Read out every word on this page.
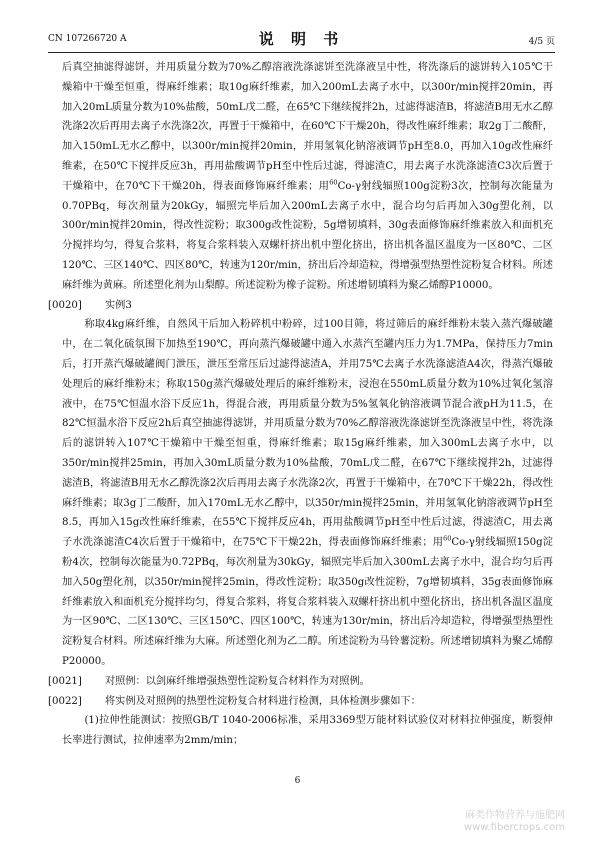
CN 107266720 A	说 明 书	4/5 页

后真空抽滤得滤饼，并用质量分数为70%乙醇溶液洗涤滤饼至洗涤液呈中性，将洗涤后的滤饼转入105℃干燥箱中干燥至恒重，得麻纤维素；取10g麻纤维素，加入200mL去离子水中，以300r/min搅拌20min，再加入20mL质量分数为10%盐酸，50mL戊二醛，在65℃下继续搅拌2h，过滤得滤渣B，将滤渣B用无水乙醇洗涤2次后再用去离子水洗涤2次，再置于干燥箱中，在60℃下干燥20h，得改性麻纤维素；取2g丁二酸酐，加入150mL无水乙醇中，以300r/min搅拌20min，并用氢氧化钠溶液调节pH至8.0，再加入10g改性麻纤维素，在50℃下搅拌反应3h，再用盐酸调节pH至中性后过滤，得滤渣C，用去离子水洗涤滤渣C3次后置于干燥箱中，在70℃下干燥20h，得表面修饰麻纤维素；用$^{60}$Co-γ射线辐照100g淀粉3次，控制每次能量为0.70PBq，每次剂量为20kGy，辐照完毕后加入200mL去离子水中，混合均匀后再加入30g塑化剂，以300r/min搅拌20min，得改性淀粉；取300g改性淀粉，5g增韧填料，30g表面修饰麻纤维素放入和面机充分搅拌均匀，得复合浆料，将复合浆料装入双螺杆挤出机中塑化挤出，挤出机各温区温度为一区80℃、二区120℃、三区140℃、四区80℃，转速为120r/min，挤出后冷却造粒，得增强型热塑性淀粉复合材料。所述麻纤维为黄麻。所述塑化剂为山梨醇。所述淀粉为橡子淀粉。所述增韧填料为聚乙烯醇P10000。

[0020] 实例3

称取4kg麻纤维，自然风干后加入粉碎机中粉碎，过100目筛，将过筛后的麻纤维粉末装入蒸汽爆破罐中，在二氧化硫氛围下加热至190℃，再向蒸汽爆破罐中通入水蒸汽至罐内压力为1.7MPa，保持压力7min后，打开蒸汽爆破罐阀门泄压，泄压至常压后过滤得滤渣A，并用75℃去离子水洗涤滤渣A4次，得蒸汽爆破处理后的麻纤维粉末；称取150g蒸汽爆破处理后的麻纤维粉末，浸泡在550mL质量分数为10%过氧化氢溶液中，在75℃恒温水浴下反应1h，得混合液，再用质量分数为5%氢氧化钠溶液调节混合液pH为11.5，在82℃恒温水浴下反应2h后真空抽滤得滤饼，并用质量分数为70%乙醇溶液洗涤滤饼至洗涤液呈中性，将洗涤后的滤饼转入107℃干燥箱中干燥至恒重，得麻纤维素；取15g麻纤维素，加入300mL去离子水中，以350r/min搅拌25min，再加入30mL质量分数为10%盐酸，70mL戊二醛，在67℃下继续搅拌2h，过滤得滤渣B，将滤渣B用无水乙醇洗涤2次后再用去离子水洗涤2次，再置于干燥箱中，在70℃下干燥22h，得改性麻纤维素；取3g丁二酸酐，加入170mL无水乙醇中，以350r/min搅拌25min，并用氢氧化钠溶液调节pH至8.5，再加入15g改性麻纤维素，在55℃下搅拌反应4h，再用盐酸调节pH至中性后过滤，得滤渣C，用去离子水洗涤滤渣C4次后置于干燥箱中，在75℃下干燥22h，得表面修饰麻纤维素；用$^{60}$Co-γ射线辐照150g淀粉4次，控制每次能量为0.72PBq，每次剂量为30kGy，辐照完毕后加入300mL去离子水中，混合均匀后再加入50g塑化剂，以350r/min搅拌25min，得改性淀粉；取350g改性淀粉，7g增韧填料，35g表面修饰麻纤维素放入和面机充分搅拌均匀，得复合浆料，将复合浆料装入双螺杆挤出机中塑化挤出，挤出机各温区温度为一区90℃、二区130℃、三区150℃、四区100℃，转速为130r/min，挤出后冷却造粒，得增强型热塑性淀粉复合材料。所述麻纤维为大麻。所述塑化剂为乙二醇。所述淀粉为马铃薯淀粉。所述增韧填料为聚乙烯醇P20000。

[0021] 对照例：以剑麻纤维增强热塑性淀粉复合材料作为对照例。

[0022] 将实例及对照例的热塑性淀粉复合材料进行检测，具体检测步骤如下：

(1)拉伸性能测试：按照GB/T 1040-2006标准，采用3369型万能材料试验仪对材料拉伸强度，断裂伸长率进行测试，拉伸速率为2mm/min；

6
麻类作物营养与施肥网
www.fibercrops.com
